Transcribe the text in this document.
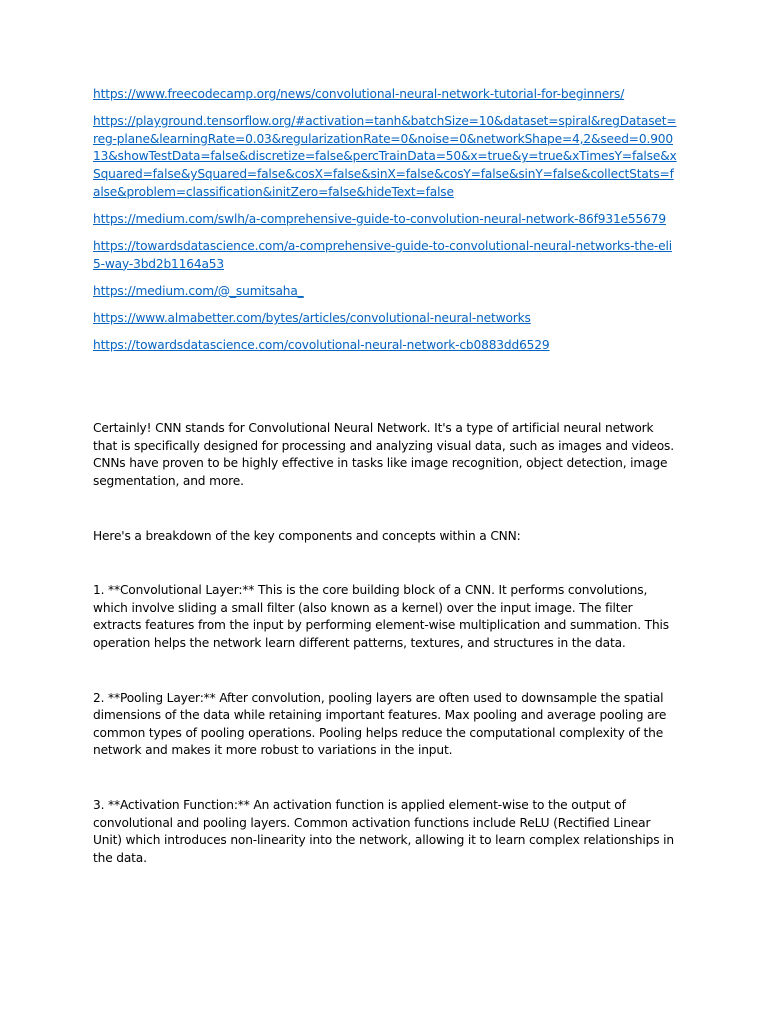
https://www.freecodecamp.org/news/convolutional-neural-network-tutorial-for-beginners/
https://playground.tensorflow.org/#activation=tanh&batchSize=10&dataset=spiral&regDataset=reg-plane&learningRate=0.03&regularizationRate=0&noise=0&networkShape=4,2&seed=0.90013&showTestData=false&discretize=false&percTrainData=50&x=true&y=true&xTimesY=false&xSquared=false&ySquared=false&cosX=false&sinX=false&cosY=false&sinY=false&collectStats=false&problem=classification&initZero=false&hideText=false
https://medium.com/swlh/a-comprehensive-guide-to-convolution-neural-network-86f931e55679
https://towardsdatascience.com/a-comprehensive-guide-to-convolutional-neural-networks-the-eli5-way-3bd2b1164a53
https://medium.com/@_sumitsaha_
https://www.almabetter.com/bytes/articles/convolutional-neural-networks
https://towardsdatascience.com/covolutional-neural-network-cb0883dd6529

Certainly! CNN stands for Convolutional Neural Network. It's a type of artificial neural network that is specifically designed for processing and analyzing visual data, such as images and videos. CNNs have proven to be highly effective in tasks like image recognition, object detection, image segmentation, and more.

Here's a breakdown of the key components and concepts within a CNN:

1. **Convolutional Layer:** This is the core building block of a CNN. It performs convolutions, which involve sliding a small filter (also known as a kernel) over the input image. The filter extracts features from the input by performing element-wise multiplication and summation. This operation helps the network learn different patterns, textures, and structures in the data.

2. **Pooling Layer:** After convolution, pooling layers are often used to downsample the spatial dimensions of the data while retaining important features. Max pooling and average pooling are common types of pooling operations. Pooling helps reduce the computational complexity of the network and makes it more robust to variations in the input.

3. **Activation Function:** An activation function is applied element-wise to the output of convolutional and pooling layers. Common activation functions include ReLU (Rectified Linear Unit) which introduces non-linearity into the network, allowing it to learn complex relationships in the data.
